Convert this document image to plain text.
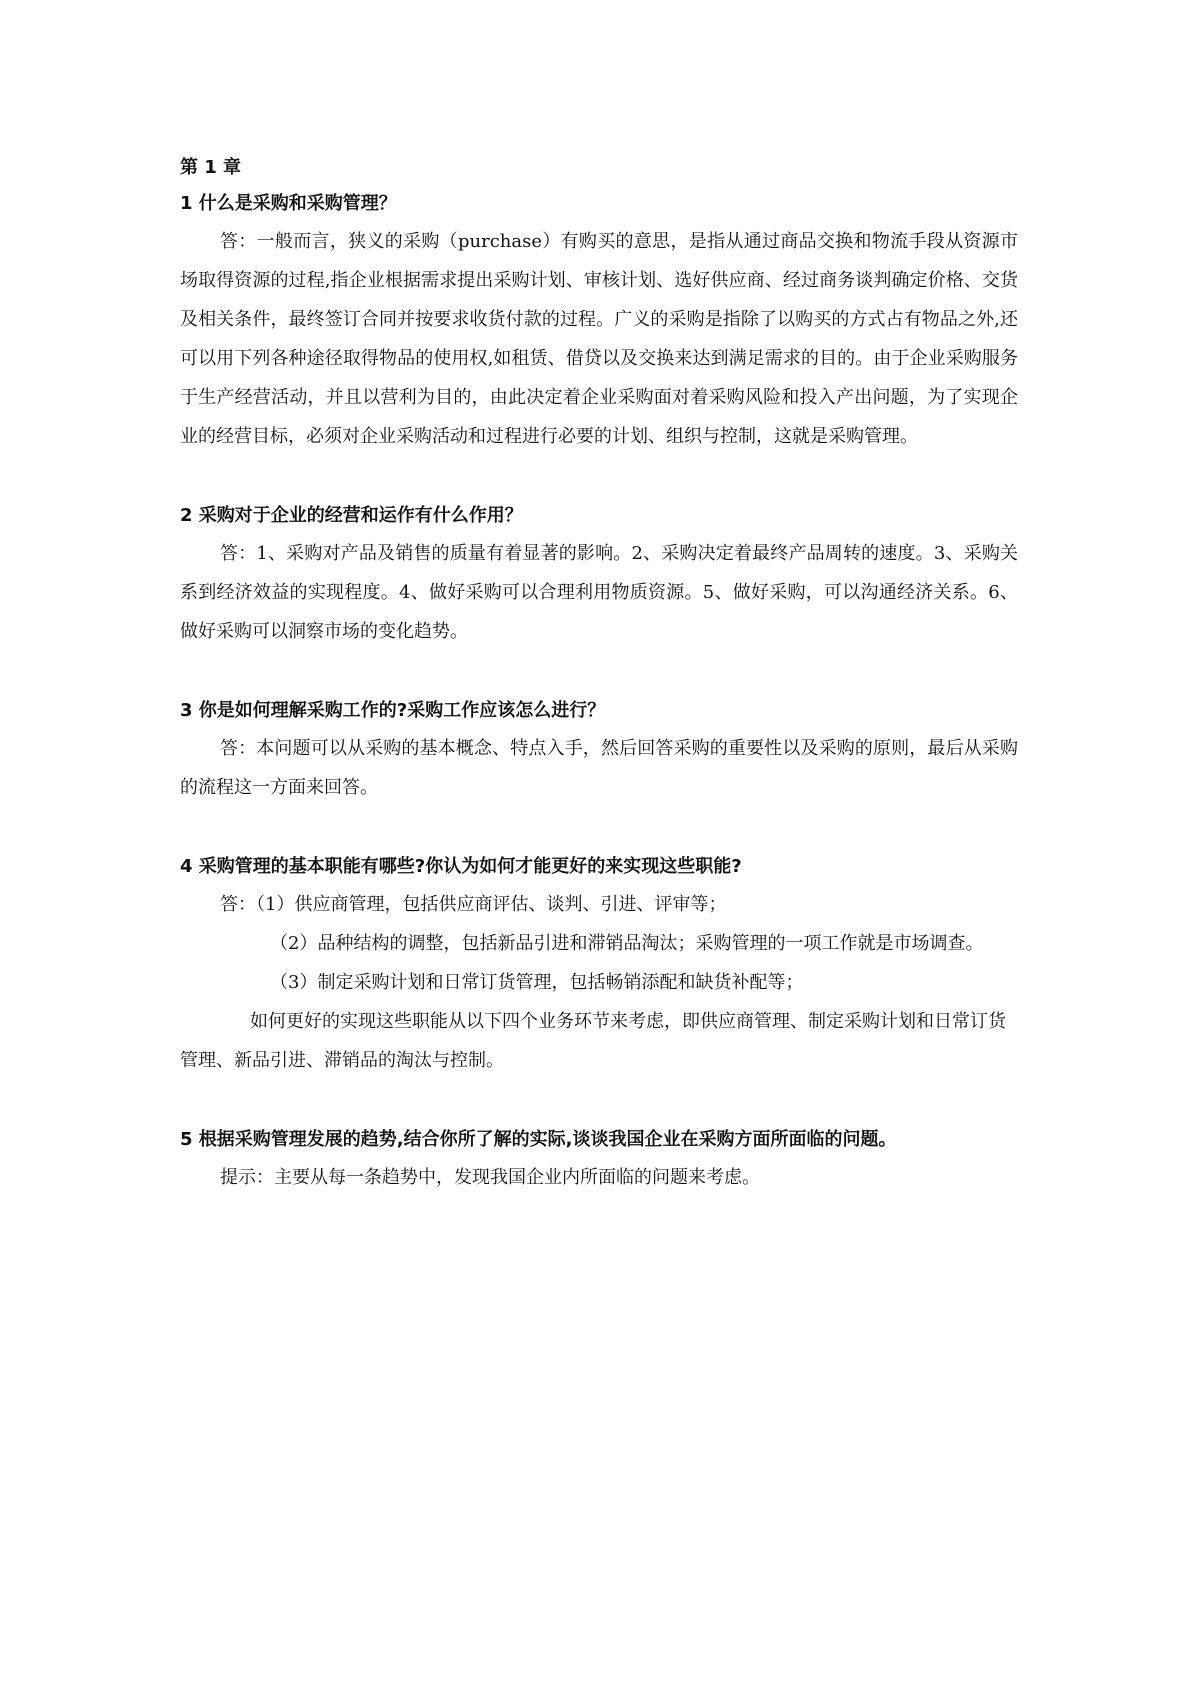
第 1 章

1 什么是采购和采购管理？

答：一般而言，狭义的采购（purchase）有购买的意思，是指从通过商品交换和物流手段从资源市场取得资源的过程,指企业根据需求提出采购计划、审核计划、选好供应商、经过商务谈判确定价格、交货及相关条件，最终签订合同并按要求收货付款的过程。广义的采购是指除了以购买的方式占有物品之外,还可以用下列各种途径取得物品的使用权,如租赁、借贷以及交换来达到满足需求的目的。由于企业采购服务于生产经营活动，并且以营利为目的，由此决定着企业采购面对着采购风险和投入产出问题，为了实现企业的经营目标，必须对企业采购活动和过程进行必要的计划、组织与控制，这就是采购管理。

2 采购对于企业的经营和运作有什么作用？

答：1、采购对产品及销售的质量有着显著的影响。2、采购决定着最终产品周转的速度。3、采购关系到经济效益的实现程度。4、做好采购可以合理利用物质资源。5、做好采购，可以沟通经济关系。6、做好采购可以洞察市场的变化趋势。

3 你是如何理解采购工作的?采购工作应该怎么进行？

答：本问题可以从采购的基本概念、特点入手，然后回答采购的重要性以及采购的原则，最后从采购的流程这一方面来回答。

4 采购管理的基本职能有哪些?你认为如何才能更好的来实现这些职能?

答：（1）供应商管理，包括供应商评估、谈判、引进、评审等；

（2）品种结构的调整，包括新品引进和滞销品淘汰；采购管理的一项工作就是市场调查。

（3）制定采购计划和日常订货管理，包括畅销添配和缺货补配等；

如何更好的实现这些职能从以下四个业务环节来考虑，即供应商管理、制定采购计划和日常订货管理、新品引进、滞销品的淘汰与控制。

5 根据采购管理发展的趋势,结合你所了解的实际,谈谈我国企业在采购方面所面临的问题。

提示：主要从每一条趋势中，发现我国企业内所面临的问题来考虑。
